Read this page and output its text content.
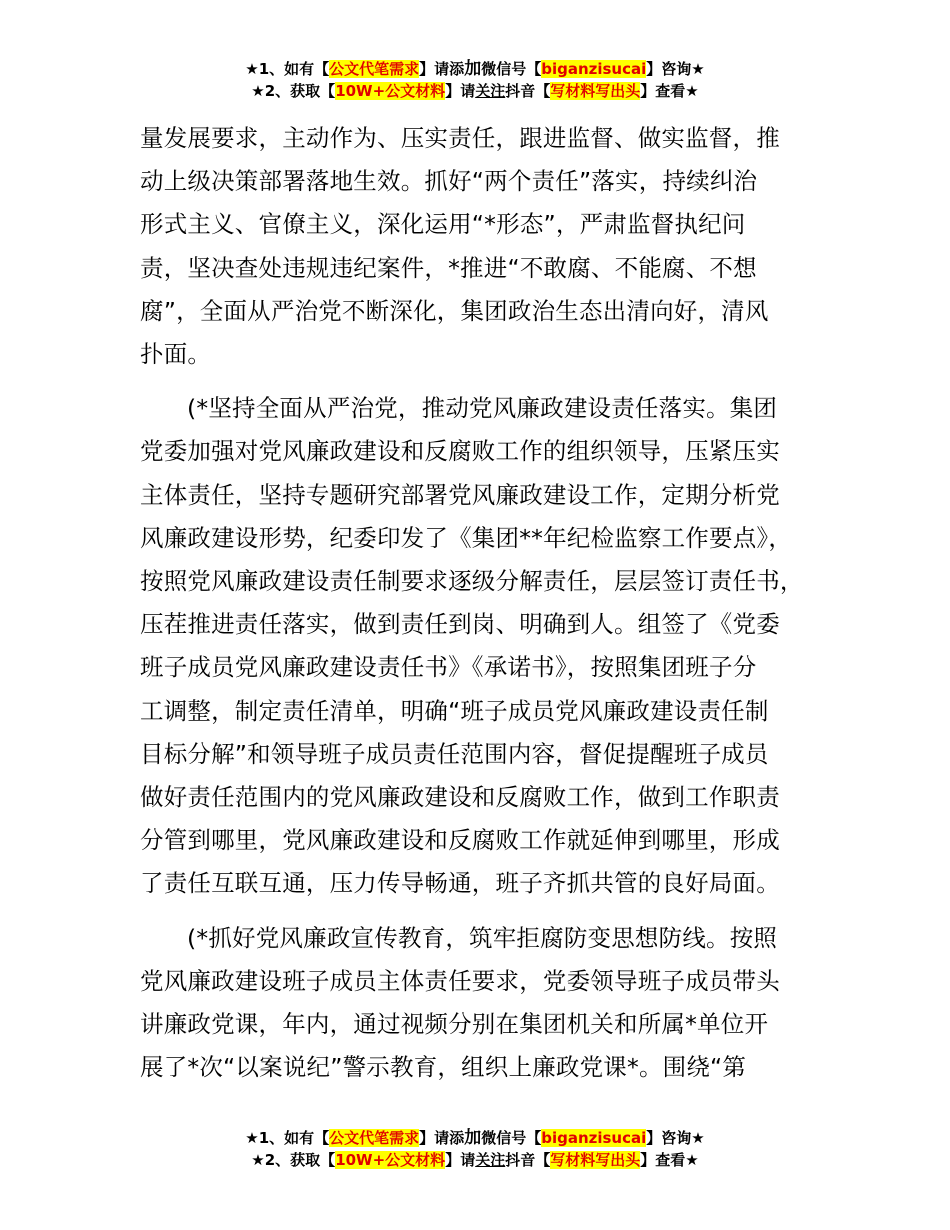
★1、如有【公文代笔需求】请添加微信号【biganzisucai】咨询★
★2、获取【10W+公文材料】请关注抖音【写材料写出头】查看★

量发展要求，主动作为、压实责任，跟进监督、做实监督，推
动上级决策部署落地生效。抓好“两个责任”落实，持续纠治
形式主义、官僚主义，深化运用“*形态”，严肃监督执纪问
责，坚决查处违规违纪案件，*推进“不敢腐、不能腐、不想
腐”，全面从严治党不断深化，集团政治生态出清向好，清风
扑面。

(*坚持全面从严治党，推动党风廉政建设责任落实。集团
党委加强对党风廉政建设和反腐败工作的组织领导，压紧压实
主体责任，坚持专题研究部署党风廉政建设工作，定期分析党
风廉政建设形势，纪委印发了《集团**年纪检监察工作要点》，
按照党风廉政建设责任制要求逐级分解责任，层层签订责任书，
压茬推进责任落实，做到责任到岗、明确到人。组签了《党委
班子成员党风廉政建设责任书》《承诺书》，按照集团班子分
工调整，制定责任清单，明确“班子成员党风廉政建设责任制
目标分解”和领导班子成员责任范围内容，督促提醒班子成员
做好责任范围内的党风廉政建设和反腐败工作，做到工作职责
分管到哪里，党风廉政建设和反腐败工作就延伸到哪里，形成
了责任互联互通，压力传导畅通，班子齐抓共管的良好局面。

(*抓好党风廉政宣传教育，筑牢拒腐防变思想防线。按照
党风廉政建设班子成员主体责任要求，党委领导班子成员带头
讲廉政党课，年内，通过视频分别在集团机关和所属*单位开
展了*次“以案说纪”警示教育，组织上廉政党课*。围绕“第

★1、如有【公文代笔需求】请添加微信号【biganzisucai】咨询★
★2、获取【10W+公文材料】请关注抖音【写材料写出头】查看★
